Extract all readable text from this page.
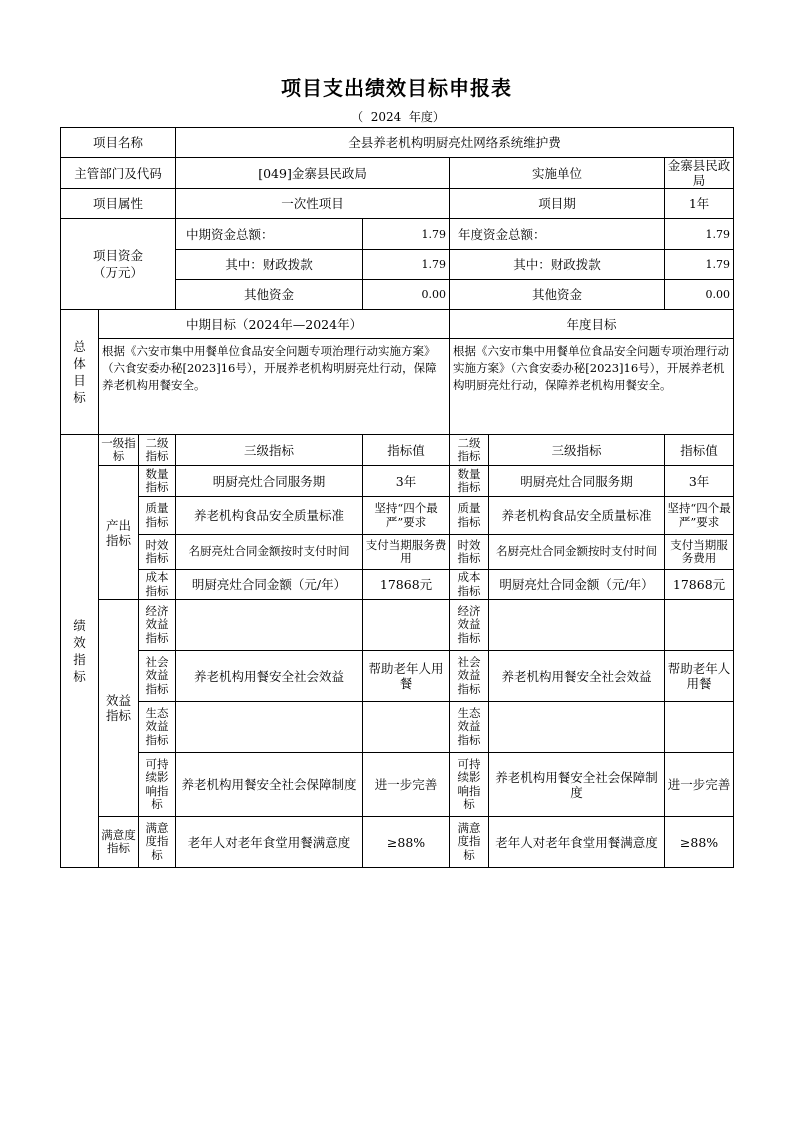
项目支出绩效目标申报表
（ 2024 年度）
项目名称			全县养老机构明厨亮灶网络系统维护费				
主管部门及代码			[049]金寨县民政局		实施单位		金寨县民政局
项目属性			一次性项目		项目期		1年

项目资金
（万元）			中期资金总额：	1.79	年度资金总额：		1.79
			其中：财政拨款	1.79	其中：财政拨款		1.79
			其他资金	0.00	其他资金		0.00

总
体
目
标	中期目标（2024年—2024年）				年度目标		
	根据《六安市集中用餐单位食品安全问题专项治理行动实施方案》（六食安委办秘[2023]16号），开展养老机构明厨亮灶行动，保障养老机构用餐安全。				根据《六安市集中用餐单位食品安全问题专项治理行动实施方案》（六食安委办秘[2023]16号），开展养老机构明厨亮灶行动，保障养老机构用餐安全。		

绩
效
指
标	一级指标	二级指标	三级指标	指标值	二级指标	三级指标	指标值
	产出指标	数量指标	明厨亮灶合同服务期	3年	数量指标	明厨亮灶合同服务期	3年
		质量指标	养老机构食品安全质量标准	坚持“四个最严”要求	质量指标	养老机构食品安全质量标准	坚持“四个最严”要求
		时效指标	名厨亮灶合同金额按时支付时间	支付当期服务费用	时效指标	名厨亮灶合同金额按时支付时间	支付当期服务费用
		成本指标	明厨亮灶合同金额（元/年）	17868元	成本指标	明厨亮灶合同金额（元/年）	17868元
	效益指标	经济效益指标			经济效益指标		
		社会效益指标	养老机构用餐安全社会效益	帮助老年人用餐	社会效益指标	养老机构用餐安全社会效益	帮助老年人用餐
		生态效益指标			生态效益指标		
		可持续影响指标	养老机构用餐安全社会保障制度	进一步完善	可持续影响指标	养老机构用餐安全社会保障制度	进一步完善
	满意度指标	满意度指标	老年人对老年食堂用餐满意度	≥88%	满意度指标	老年人对老年食堂用餐满意度	≥88%
